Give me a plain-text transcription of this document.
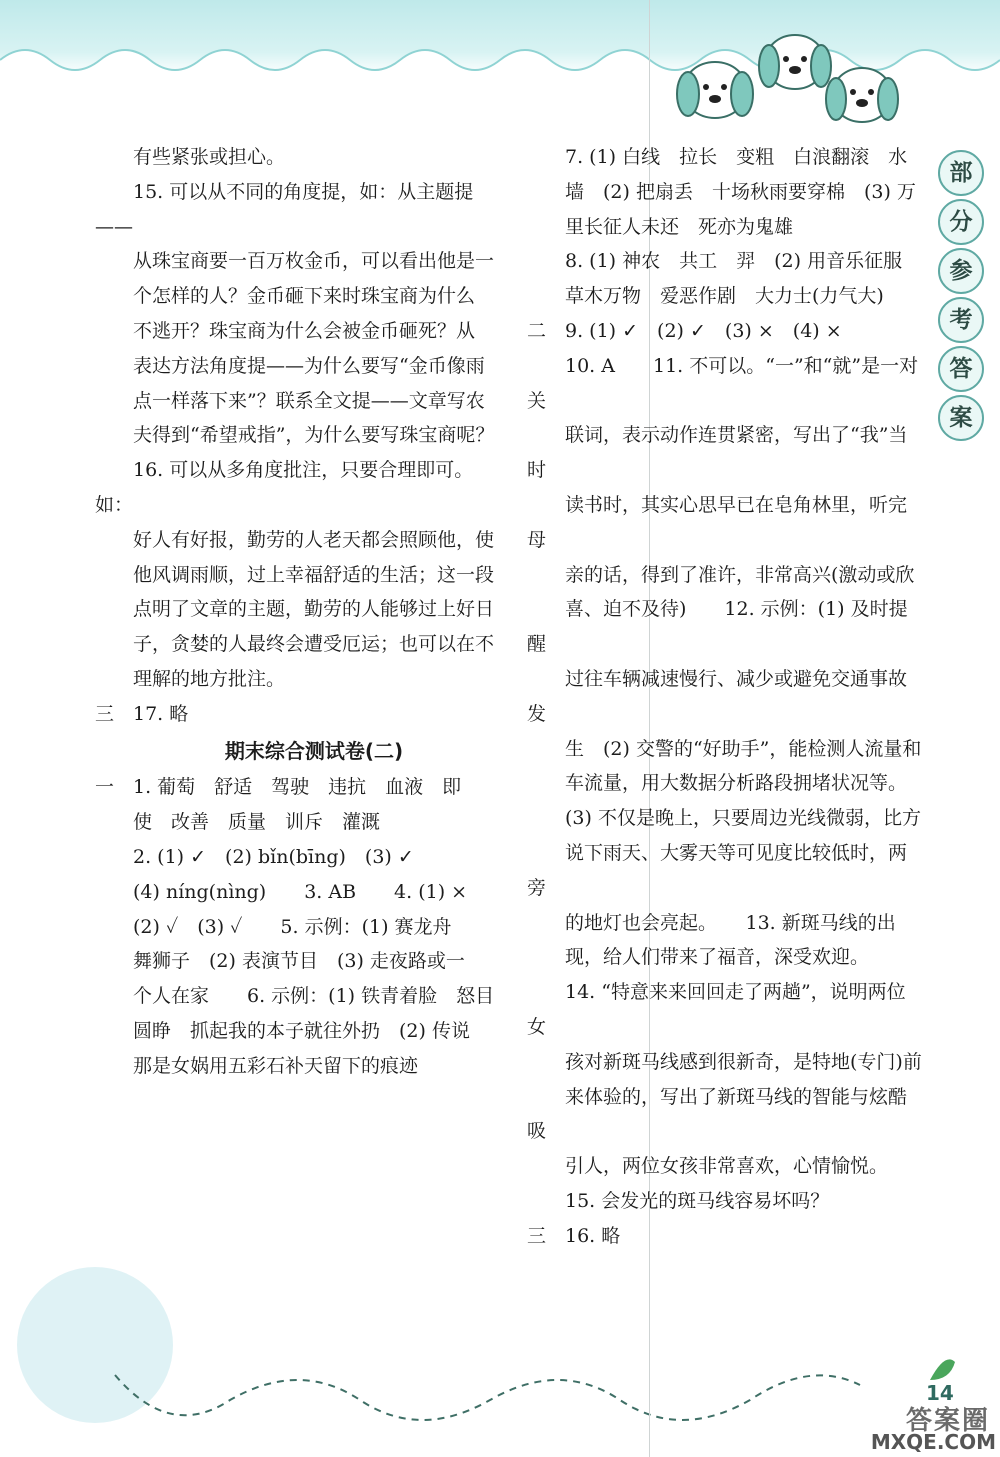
部
分
参
考
答
案
有些紧张或担心。
15. 可以从不同的角度提，如：从主题提——
从珠宝商要一百万枚金币，可以看出他是一
个怎样的人？金币砸下来时珠宝商为什么
不逃开？珠宝商为什么会被金币砸死？从
表达方法角度提——为什么要写“金币像雨
点一样落下来”？联系全文提——文章写农
夫得到“希望戒指”，为什么要写珠宝商呢？
16. 可以从多角度批注，只要合理即可。如：
好人有好报，勤劳的人老天都会照顾他，使
他风调雨顺，过上幸福舒适的生活；这一段
点明了文章的主题，勤劳的人能够过上好日
子，贪婪的人最终会遭受厄运；也可以在不
理解的地方批注。
三 17. 略
期末综合测试卷(二)
一 1. 葡萄　舒适　驾驶　违抗　血液　即
使　改善　质量　训斥　灌溉
2. (1) ✓　(2) bǐn(bīng)　(3) ✓
(4) níng(nìng)　　3. AB　　4. (1) ×
(2) ✓　(3) ✓　　5. 示例：(1) 赛龙舟
舞狮子　(2) 表演节目　(3) 走夜路或一
个人在家　　6. 示例：(1) 铁青着脸　怒目
圆睁　抓起我的本子就往外扔　(2) 传说
那是女娲用五彩石补天留下的痕迹
7. (1) 白线　拉长　变粗　白浪翻滚　水
墙　(2) 把扇丢　十场秋雨要穿棉　(3) 万
里长征人未还　死亦为鬼雄
8. (1) 神农　共工　羿　(2) 用音乐征服
草木万物　爱恶作剧　大力士(力气大)
二 9. (1) ✓　(2) ✓　(3) ×　(4) ×
10. A　　11. 不可以。“一”和“就”是一对关
联词，表示动作连贯紧密，写出了“我”当时
读书时，其实心思早已在皂角林里，听完母
亲的话，得到了准许，非常高兴(激动或欣
喜、迫不及待)　　12. 示例：(1) 及时提醒
过往车辆减速慢行、减少或避免交通事故发
生　(2) 交警的“好助手”，能检测人流量和
车流量，用大数据分析路段拥堵状况等。
(3) 不仅是晚上，只要周边光线微弱，比方
说下雨天、大雾天等可见度比较低时，两旁
的地灯也会亮起。　　13. 新斑马线的出
现，给人们带来了福音，深受欢迎。
14. “特意来来回回走了两趟”，说明两位女
孩对新斑马线感到很新奇，是特地(专门)前
来体验的，写出了新斑马线的智能与炫酷吸
引人，两位女孩非常喜欢，心情愉悦。
15. 会发光的斑马线容易坏吗？
三 16. 略
14
答案圈
MXQE.COM
